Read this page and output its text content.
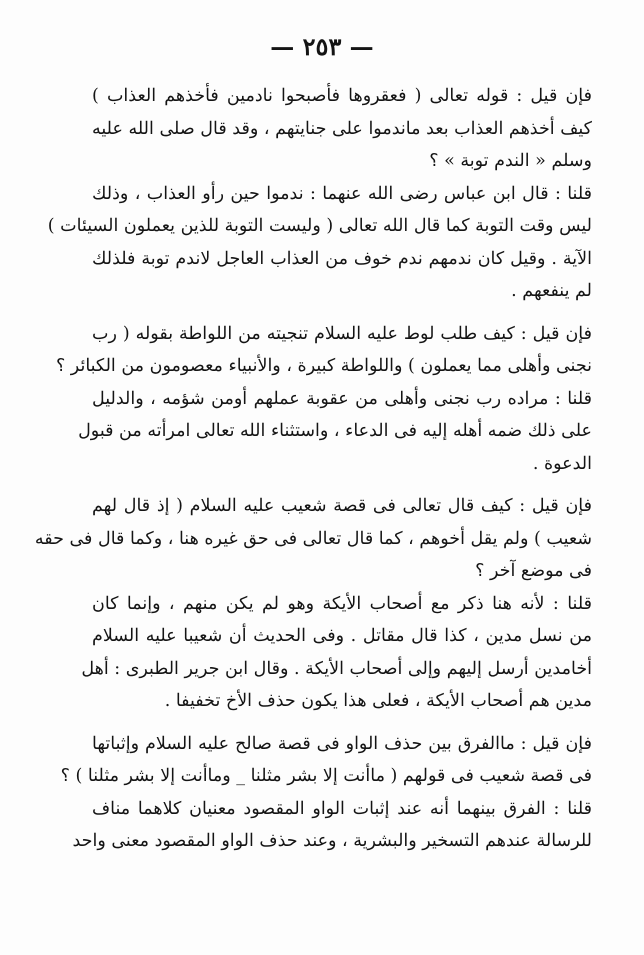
— ٢٥٣ —
فإن قيل : قوله تعالى ( فعقروها فأصبحوا نادمين فأخذهم العذاب )
كيف أخذهم العذاب بعد ماندموا على جنايتهم ، وقد قال صلى الله عليه
وسلم « الندم توبة » ؟
قلنا : قال ابن عباس رضى الله عنهما : ندموا حين رأو العذاب ، وذلك
ليس وقت التوبة كما قال الله تعالى ( وليست التوبة للذين يعملون السيئات )
الآية . وقيل كان ندمهم ندم خوف من العذاب العاجل لاندم توبة فلذلك
لم ينفعهم .
فإن قيل : كيف طلب لوط عليه السلام تنجيته من اللواطة بقوله ( رب
نجنى وأهلى مما يعملون ) واللواطة كبيرة ، والأنبياء معصومون من الكبائر ؟
قلنا : مراده رب نجنى وأهلى من عقوبة عملهم أومن شؤمه ، والدليل
على ذلك ضمه أهله إليه فى الدعاء ، واستثناء الله تعالى امرأته من قبول
الدعوة .
فإن قيل : كيف قال تعالى فى قصة شعيب عليه السلام ( إذ قال لهم
شعيب ) ولم يقل أخوهم ، كما قال تعالى فى حق غيره هنا ، وكما قال فى حقه
فى موضع آخر ؟
قلنا : لأنه هنا ذكر مع أصحاب الأيكة وهو لم يكن منهم ، وإنما كان
من نسل مدين ، كذا قال مقاتل . وفى الحديث أن شعيبا عليه السلام
أخامدين أرسل إليهم وإلى أصحاب الأيكة . وقال ابن جرير الطبرى : أهل
مدين هم أصحاب الأيكة ، فعلى هذا يكون حذف الأخ تخفيفا .
فإن قيل : ماالفرق بين حذف الواو فى قصة صالح عليه السلام وإثباتها
فى قصة شعيب فى قولهم ( ماأنت إلا بشر مثلنا _ وماأنت إلا بشر مثلنا ) ؟
قلنا : الفرق بينهما أنه عند إثبات الواو المقصود معنيان كلاهما مناف
للرسالة عندهم التسخير والبشرية ، وعند حذف الواو المقصود معنى واحد
